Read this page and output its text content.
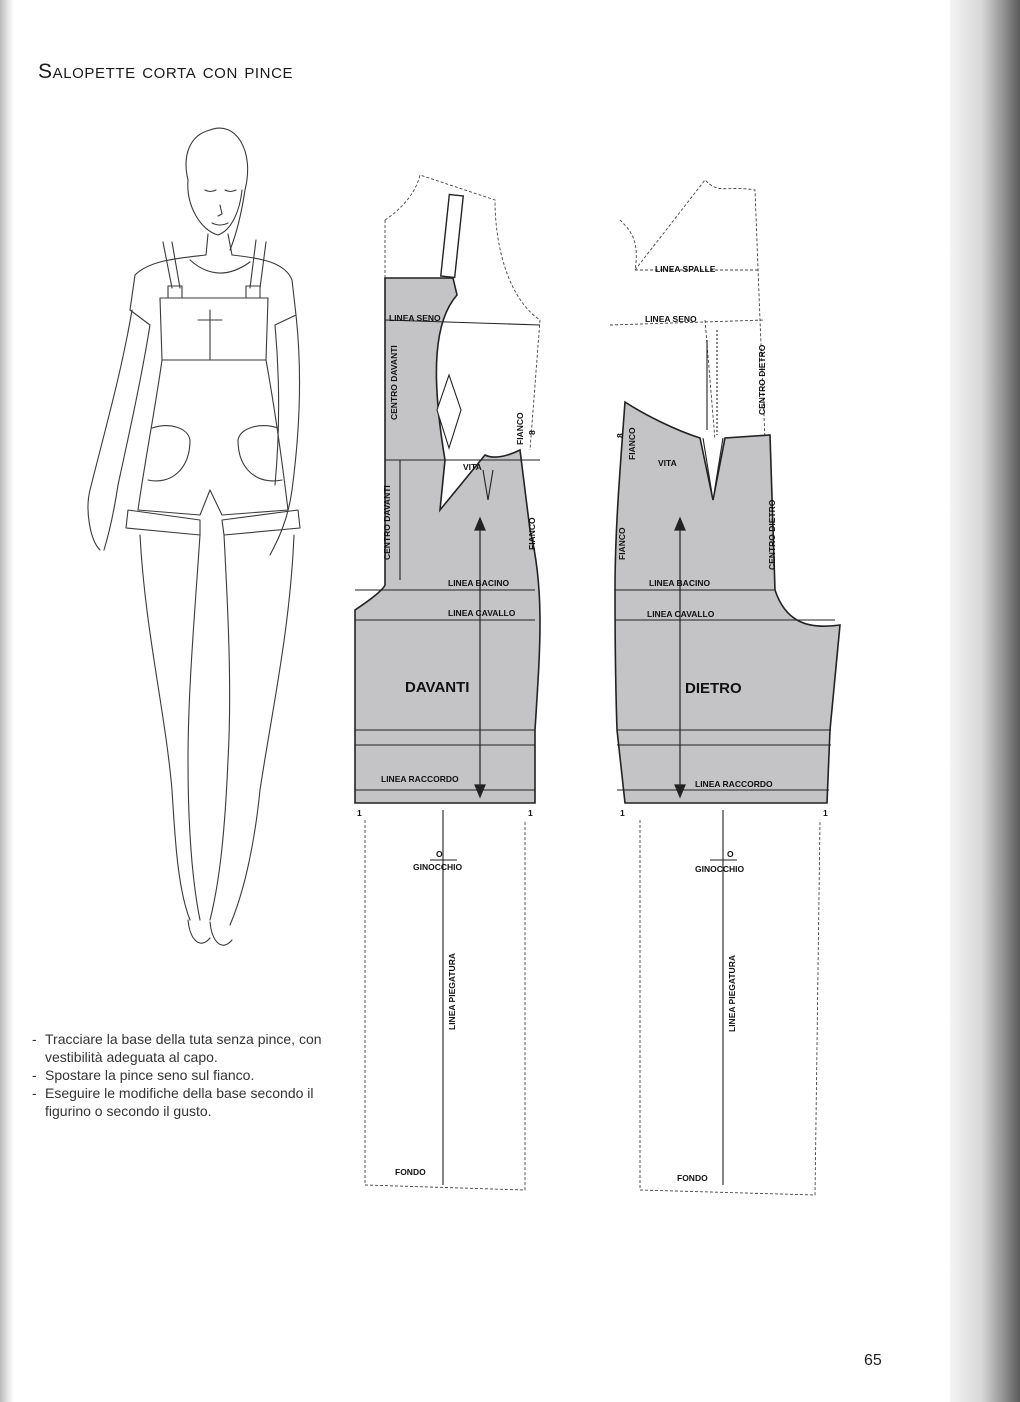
Salopette corta con pince
LINEA SENO
CENTRO DAVANTI
FIANCO 8
VITA
CENTRO DAVANTI	FIANCO
LINEA BACINO
LINEA CAVALLO
DAVANTI
LINEA RACCORDO
1	1
O
GINOCCHIO
LINEA PIEGATURA
FONDO
LINEA SPALLE
LINEA SENO
CENTRO DIETRO
FIANCO
8
VITA
CENTRO DIETRO
FIANCO
LINEA BACINO
LINEA CAVALLO
DIETRO
LINEA RACCORDO
1	1
O
GINOCCHIO
LINEA PIEGATURA
FONDO
- Tracciare la base della tuta senza pince, con vestibilità adeguata al capo.
- Spostare la pince seno sul fianco.
- Eseguire le modifiche della base secondo il figurino o secondo il gusto.
65
